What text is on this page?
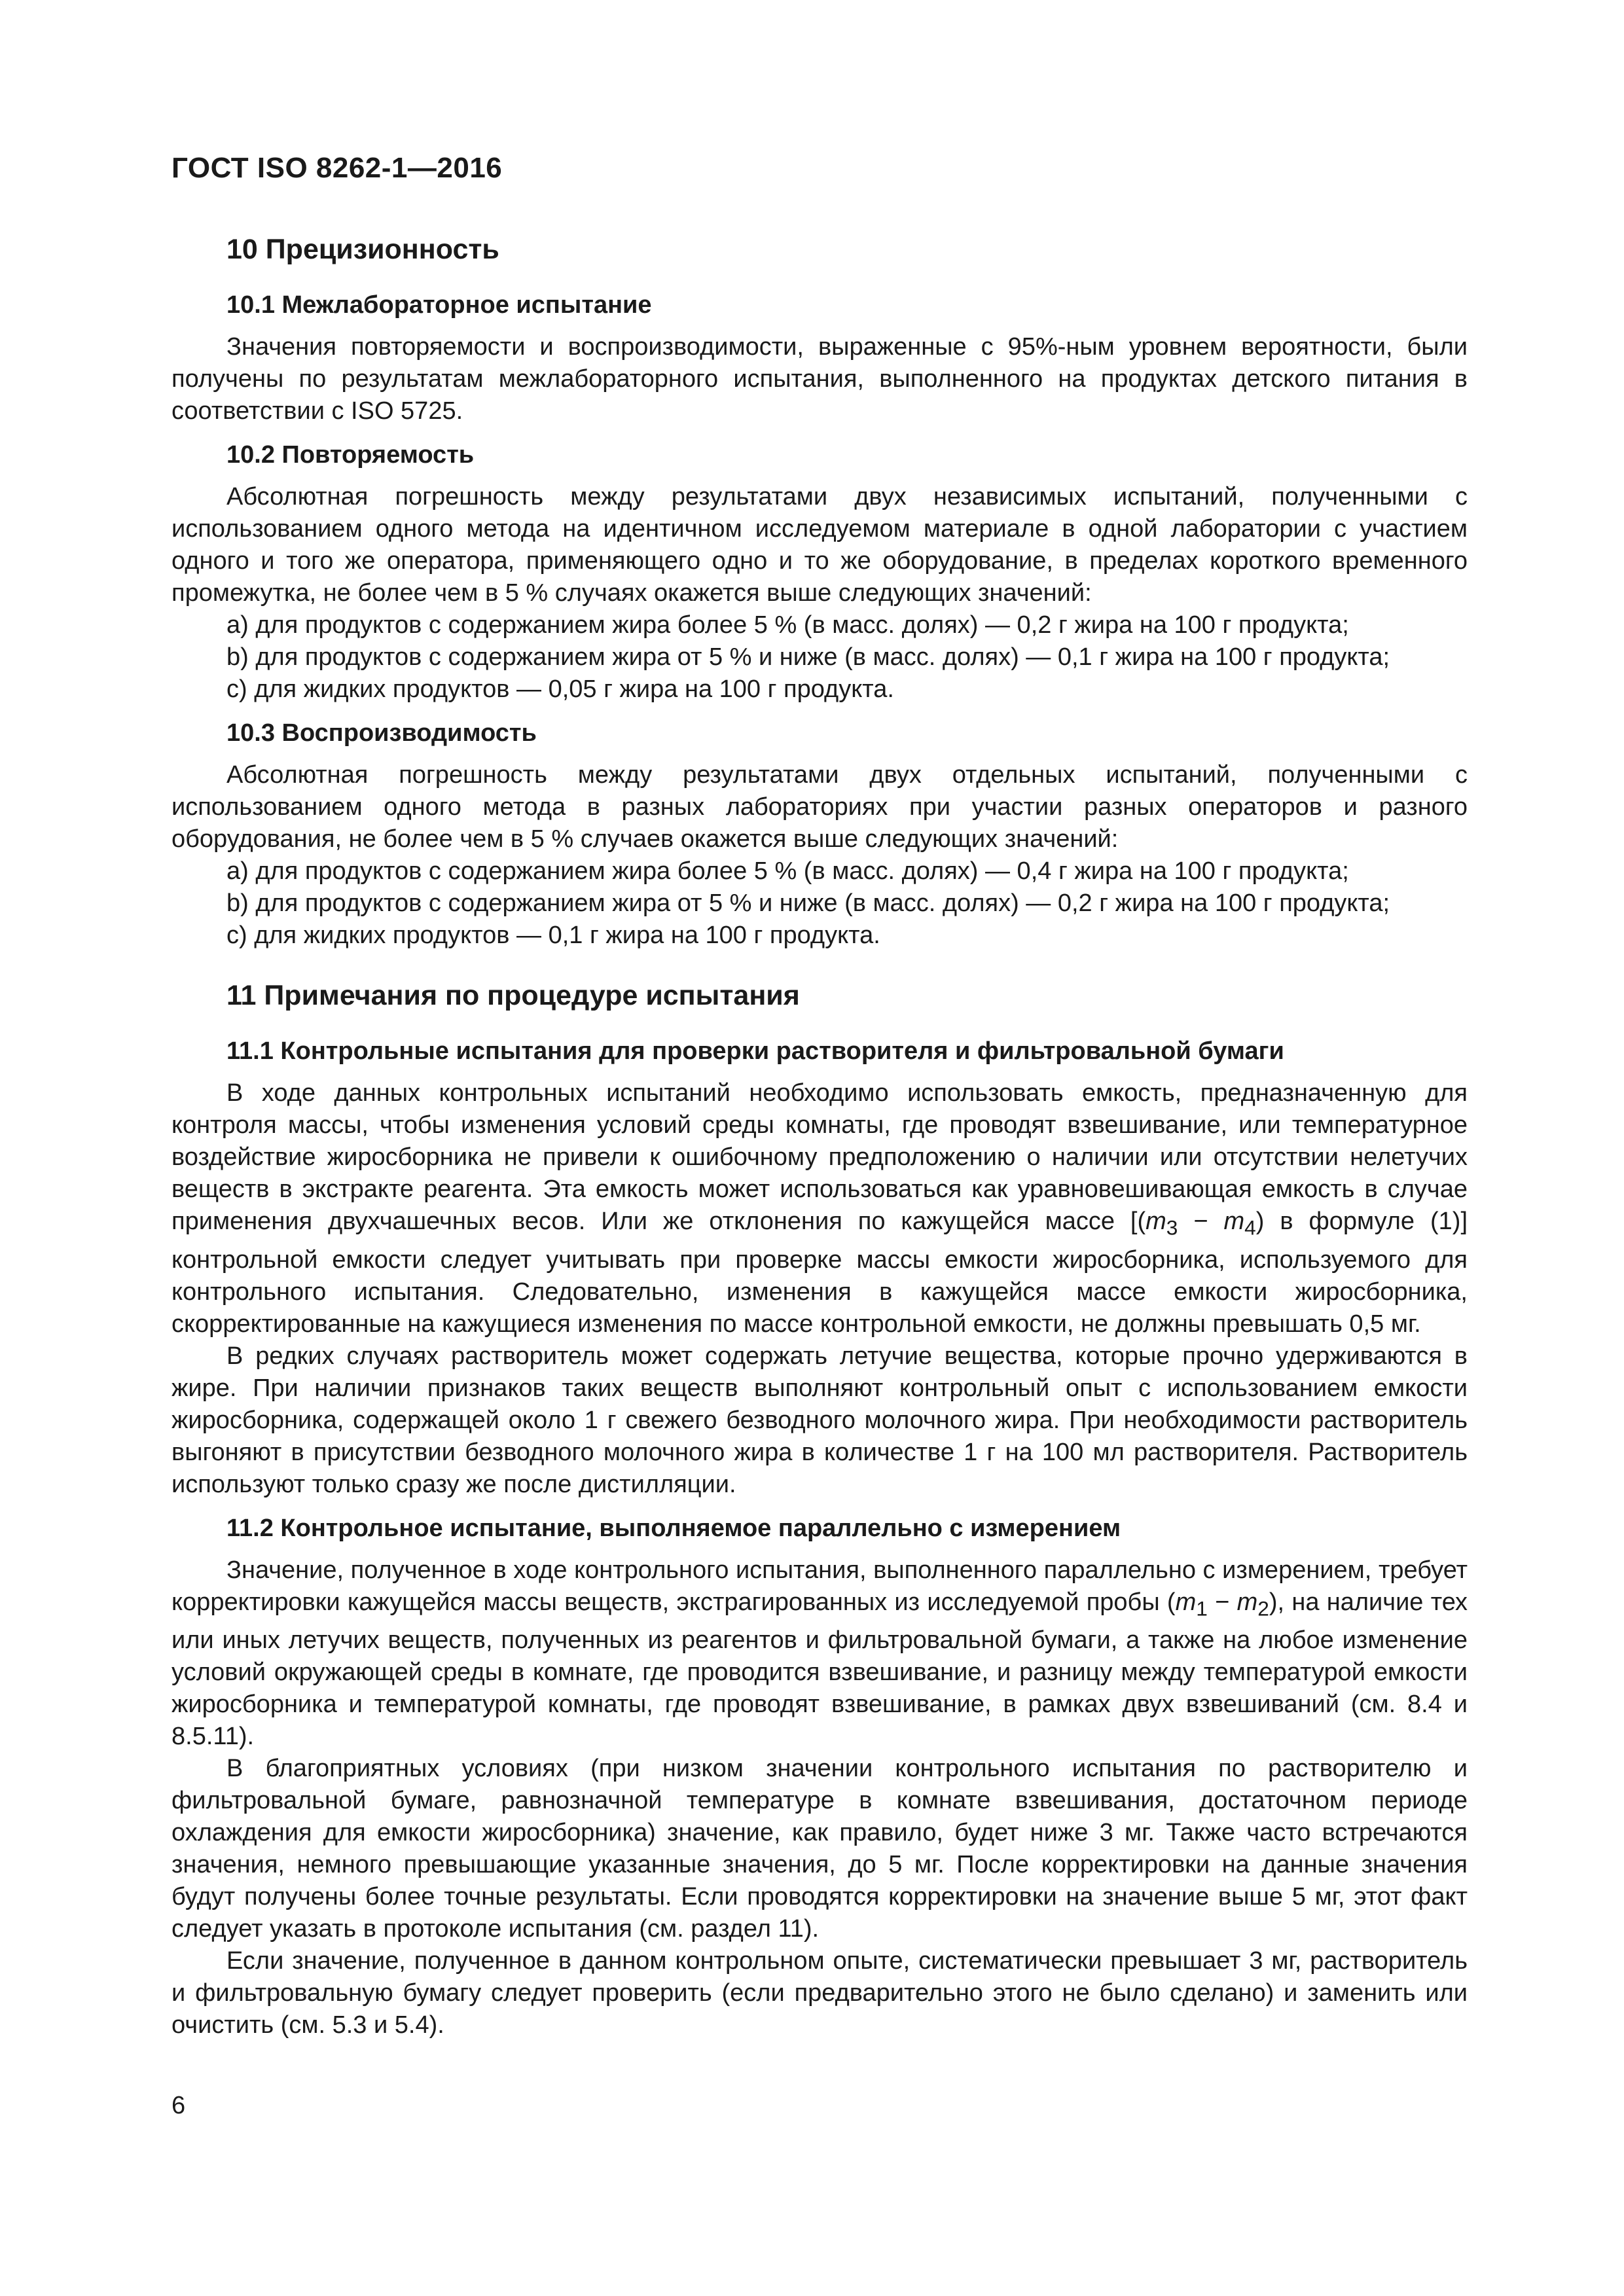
ГОСТ ISO 8262-1—2016
10 Прецизионность
10.1 Межлабораторное испытание

Значения повторяемости и воспроизводимости, выраженные с 95%-ным уровнем вероятности, были получены по результатам межлабораторного испытания, выполненного на продуктах детского питания в соответствии с ISO 5725.

10.2 Повторяемость

Абсолютная погрешность между результатами двух независимых испытаний, полученными с использованием одного метода на идентичном исследуемом материале в одной лаборатории с участием одного и того же оператора, применяющего одно и то же оборудование, в пределах короткого временного промежутка, не более чем в 5 % случаях окажется выше следующих значений:

a) для продуктов с содержанием жира более 5 % (в масс. долях) — 0,2 г жира на 100 г продукта;
b) для продуктов с содержанием жира от 5 % и ниже (в масс. долях) — 0,1 г жира на 100 г продукта;
c) для жидких продуктов — 0,05 г жира на 100 г продукта.
10.3 Воспроизводимость

Абсолютная погрешность между результатами двух отдельных испытаний, полученными с использованием одного метода в разных лабораториях при участии разных операторов и разного оборудования, не более чем в 5 % случаев окажется выше следующих значений:

a) для продуктов с содержанием жира более 5 % (в масс. долях) — 0,4 г жира на 100 г продукта;
b) для продуктов с содержанием жира от 5 % и ниже (в масс. долях) — 0,2 г жира на 100 г продукта;
c) для жидких продуктов — 0,1 г жира на 100 г продукта.
11 Примечания по процедуре испытания
11.1 Контрольные испытания для проверки растворителя и фильтровальной бумаги

В ходе данных контрольных испытаний необходимо использовать емкость, предназначенную для контроля массы, чтобы изменения условий среды комнаты, где проводят взвешивание, или температурное воздействие жиросборника не привели к ошибочному предположению о наличии или отсутствии нелетучих веществ в экстракте реагента. Эта емкость может использоваться как уравновешивающая емкость в случае применения двухчашечных весов. Или же отклонения по кажущейся массе [$(m_3 - m_4)$ в формуле (1)] контрольной емкости следует учитывать при проверке массы емкости жиросборника, используемого для контрольного испытания. Следовательно, изменения в кажущейся массе емкости жиросборника, скорректированные на кажущиеся изменения по массе контрольной емкости, не должны превышать 0,5 мг.

В редких случаях растворитель может содержать летучие вещества, которые прочно удерживаются в жире. При наличии признаков таких веществ выполняют контрольный опыт с использованием емкости жиросборника, содержащей около 1 г свежего безводного молочного жира. При необходимости растворитель выгоняют в присутствии безводного молочного жира в количестве 1 г на 100 мл растворителя. Растворитель используют только сразу же после дистилляции.

11.2 Контрольное испытание, выполняемое параллельно с измерением

Значение, полученное в ходе контрольного испытания, выполненного параллельно с измерением, требует корректировки кажущейся массы веществ, экстрагированных из исследуемой пробы $(m_1 - m_2)$, на наличие тех или иных летучих веществ, полученных из реагентов и фильтровальной бумаги, а также на любое изменение условий окружающей среды в комнате, где проводится взвешивание, и разницу между температурой емкости жиросборника и температурой комнаты, где проводят взвешивание, в рамках двух взвешиваний (см. 8.4 и 8.5.11).

В благоприятных условиях (при низком значении контрольного испытания по растворителю и фильтровальной бумаге, равнозначной температуре в комнате взвешивания, достаточном периоде охлаждения для емкости жиросборника) значение, как правило, будет ниже 3 мг. Также часто встречаются значения, немного превышающие указанные значения, до 5 мг. После корректировки на данные значения будут получены более точные результаты. Если проводятся корректировки на значение выше 5 мг, этот факт следует указать в протоколе испытания (см. раздел 11).

Если значение, полученное в данном контрольном опыте, систематически превышает 3 мг, растворитель и фильтровальную бумагу следует проверить (если предварительно этого не было сделано) и заменить или очистить (см. 5.3 и 5.4).

6
